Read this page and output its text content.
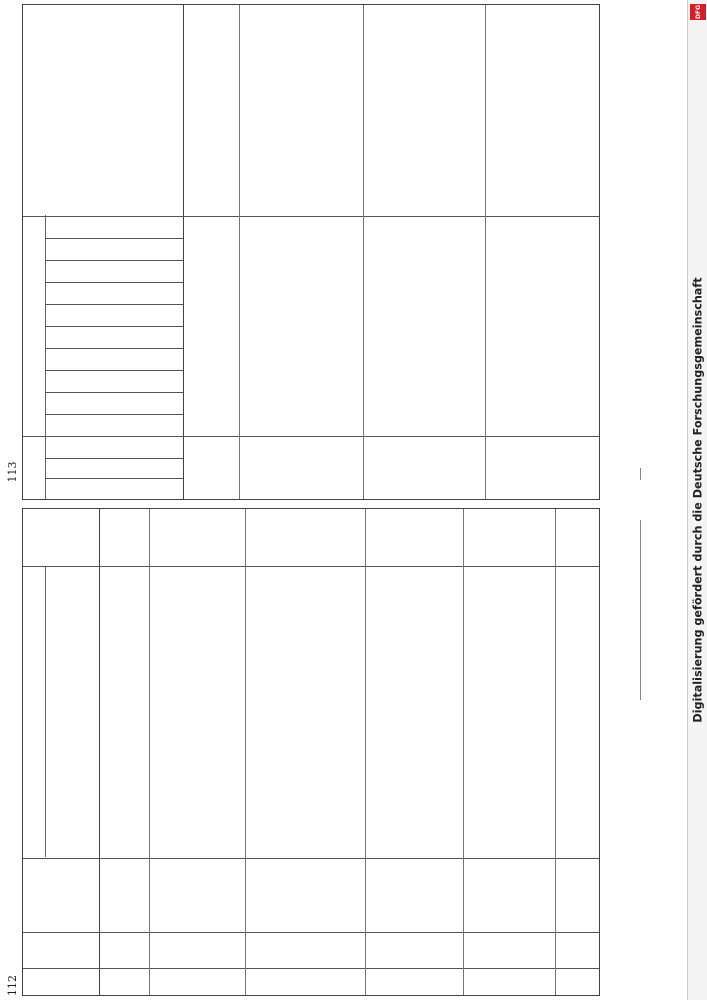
112
113
DFG
Digitalisierung gefördert durch die Deutsche Forschungsgemeinschaft
